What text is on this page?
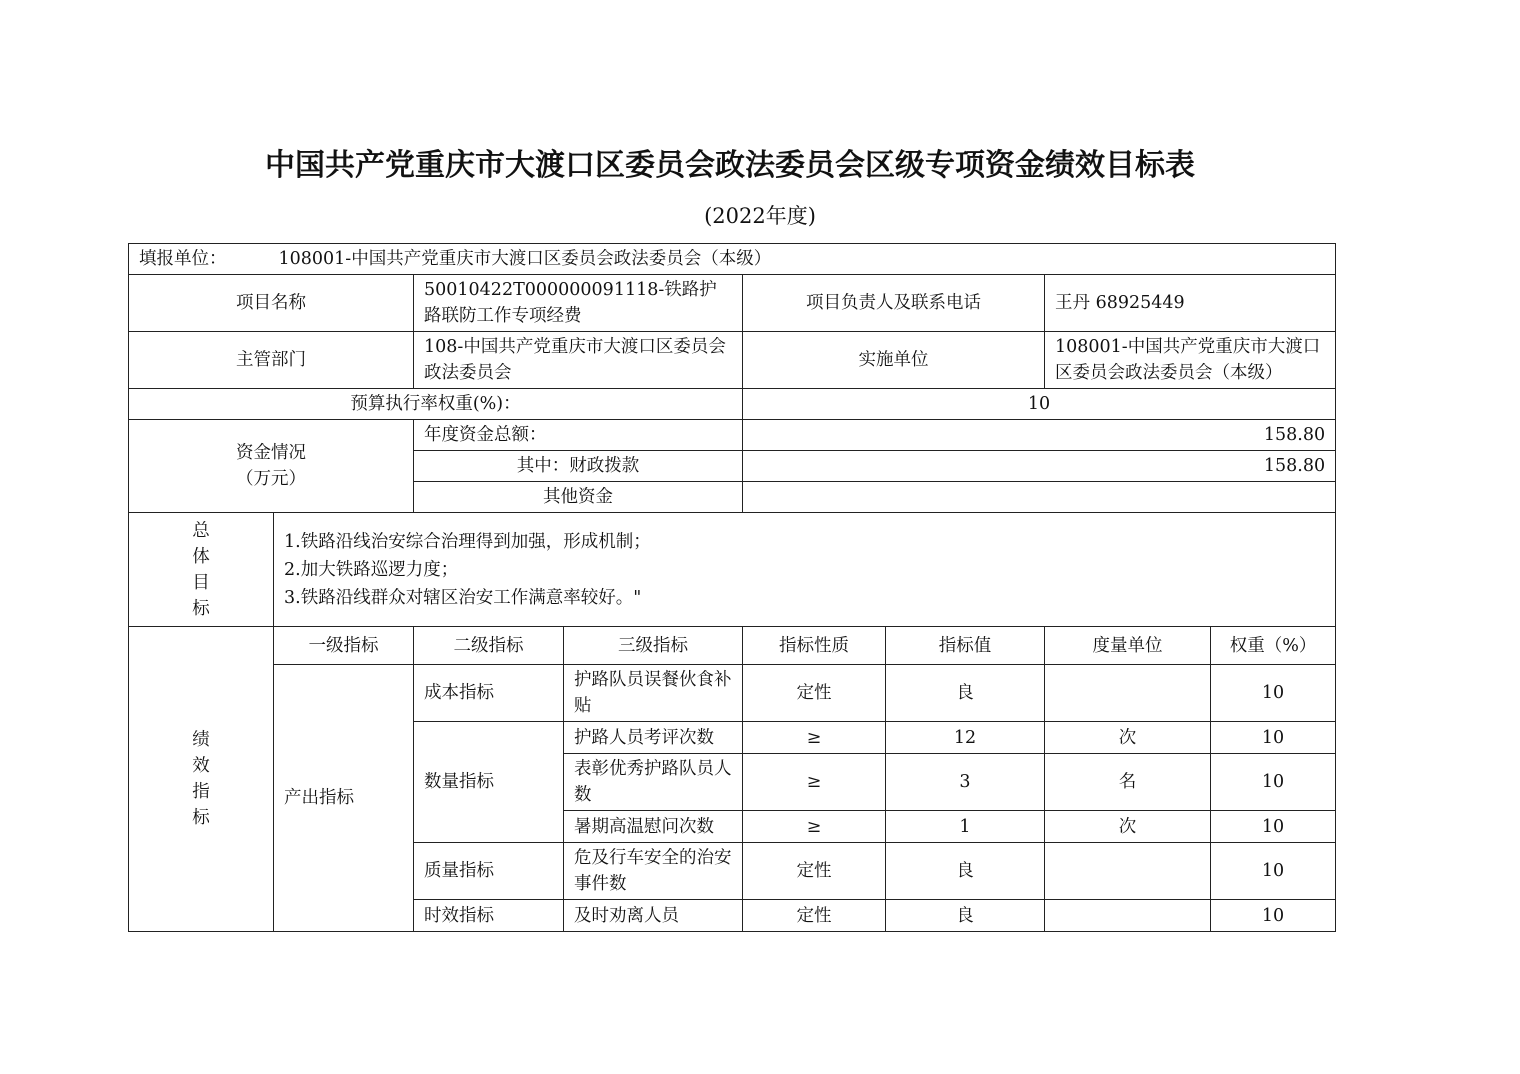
中国共产党重庆市大渡口区委员会政法委员会区级专项资金绩效目标表
(2022年度)
填报单位： 108001-中国共产党重庆市大渡口区委员会政法委员会（本级）							
项目名称		50010422T000000091118-铁路护路联防工作专项经费		项目负责人及联系电话		王丹 68925449	
主管部门		108-中国共产党重庆市大渡口区委员会政法委员会		实施单位		108001-中国共产党重庆市大渡口区委员会政法委员会（本级）	
预算执行率权重(%)：				10			

资金情况
（万元）		年度资金总额：		158.80			
		其中：财政拨款		158.80			
		其他资金					

总
体
目
标	1.铁路沿线治安综合治理得到加强，形成机制；
2.加大铁路巡逻力度；
3.铁路沿线群众对辖区治安工作满意率较好。"						

绩
效
指
标	一级指标	二级指标	三级指标	指标性质	指标值	度量单位	权重（%）
	产出指标	成本指标	护路队员误餐伙食补贴	定性	良		10
		数量指标	护路人员考评次数	≥	12	次	10
			表彰优秀护路队员人数	≥	3	名	10
			暑期高温慰问次数	≥	1	次	10
		质量指标	危及行车安全的治安事件数	定性	良		10
		时效指标	及时劝离人员	定性	良		10
